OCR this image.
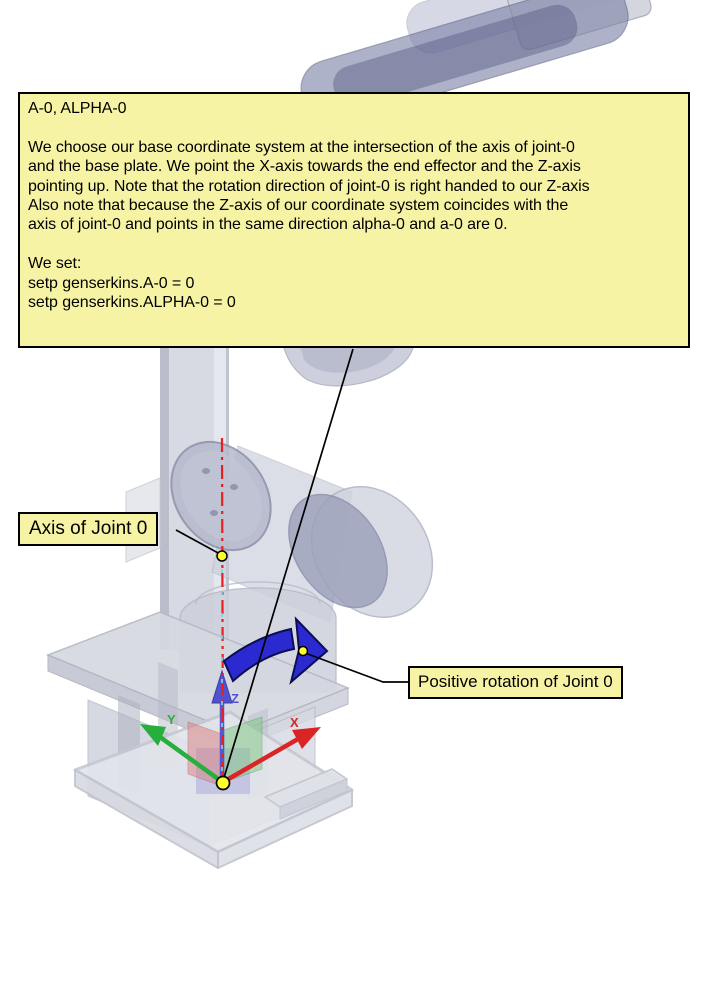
X
Y
Z
A-0, ALPHA-0
We choose our base coordinate system at the intersection of the axis of joint-0
and the base plate. We point the X-axis towards the end effector and the Z-axis
pointing up. Note that the rotation direction of joint-0 is right handed to our Z-axis
Also note that because the Z-axis of our coordinate system coincides with the
axis of joint-0 and points in the same direction alpha-0 and a-0 are 0.
We set:
setp genserkins.A-0 = 0
setp genserkins.ALPHA-0 = 0
Axis of Joint 0
Positive rotation of Joint 0
